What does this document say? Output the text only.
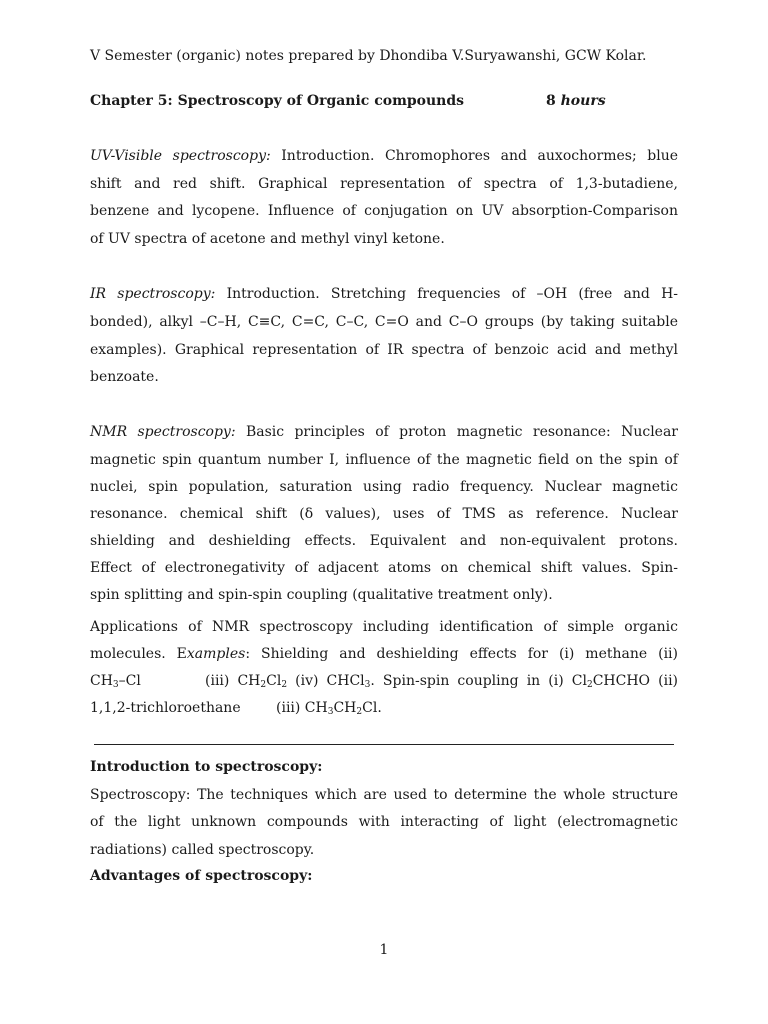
V Semester (organic) notes prepared by Dhondiba V.Suryawanshi, GCW Kolar.
Chapter 5: Spectroscopy of Organic compounds	8 hours
UV-Visible spectroscopy: Introduction. Chromophores and auxochormes; blue
shift and red shift. Graphical representation of spectra of 1,3-butadiene,
benzene and lycopene. Influence of conjugation on UV absorption-Comparison
of UV spectra of acetone and methyl vinyl ketone.
IR spectroscopy: Introduction. Stretching frequencies of –OH (free and H-
bonded), alkyl –C–H, C≡C, C=C, C–C, C=O and C–O groups (by taking suitable
examples). Graphical representation of IR spectra of benzoic acid and methyl
benzoate.
NMR spectroscopy: Basic principles of proton magnetic resonance: Nuclear
magnetic spin quantum number I, influence of the magnetic field on the spin of
nuclei, spin population, saturation using radio frequency. Nuclear magnetic
resonance. chemical shift (δ values), uses of TMS as reference. Nuclear
shielding and deshielding effects. Equivalent and non-equivalent protons.
Effect of electronegativity of adjacent atoms on chemical shift values. Spin-
spin splitting and spin-spin coupling (qualitative treatment only).
Applications of NMR spectroscopy including identification of simple organic
molecules. Examples: Shielding and deshielding effects for (i) methane (ii)
$CH_3-Cl$	(iii) $CH_2Cl_2$ (iv) CHCl$_3$. Spin-spin coupling in (i) $Cl_2CHCHO$ (ii)
1,1,2-trichloroethane	(iii) $CH_3CH_2Cl$.
Introduction to spectroscopy:
Spectroscopy: The techniques which are used to determine the whole structure
of the light unknown compounds with interacting of light (electromagnetic
radiations) called spectroscopy.
Advantages of spectroscopy:
1
